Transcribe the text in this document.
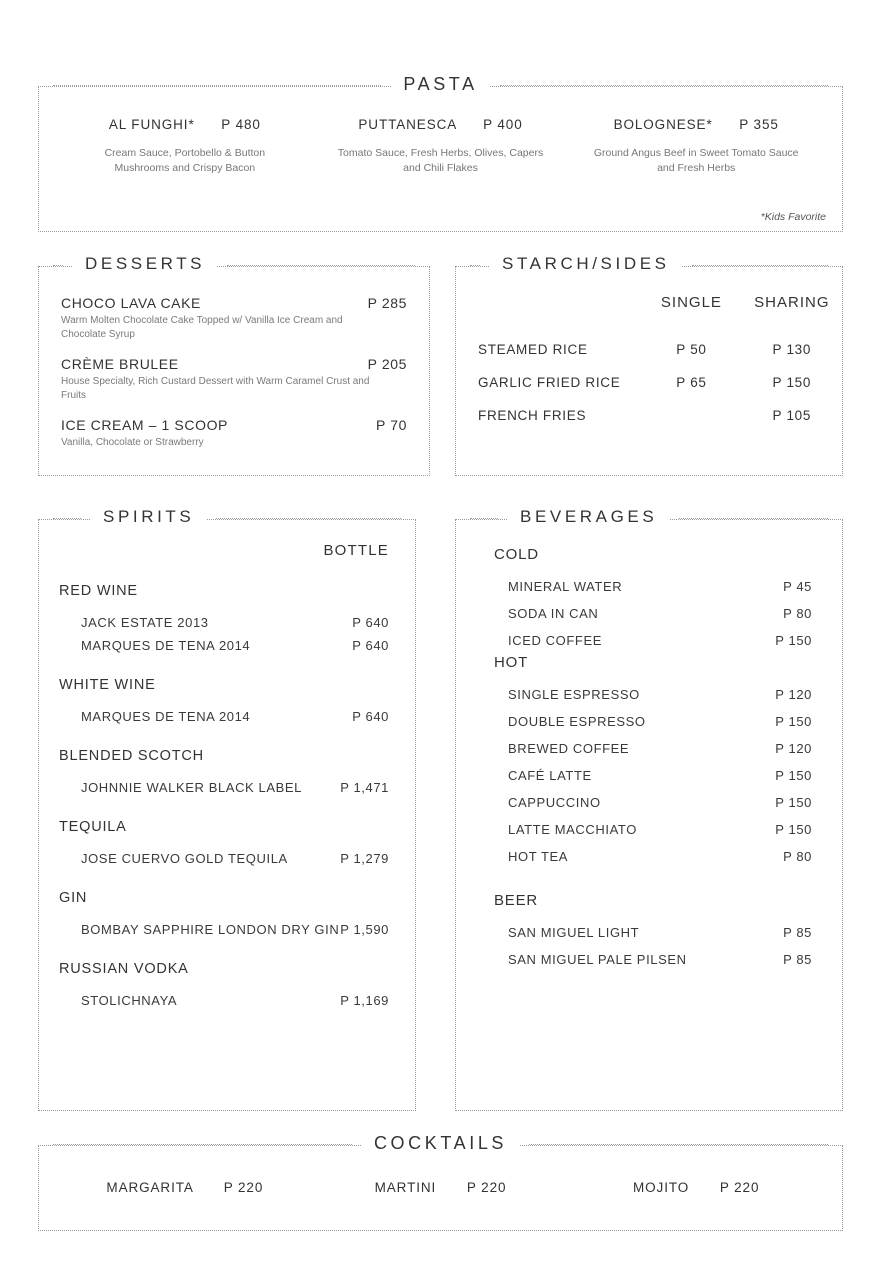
PASTA
AL FUNGHI* P 480
Cream Sauce, Portobello & Button Mushrooms and Crispy Bacon
PUTTANESCA P 400
Tomato Sauce, Fresh Herbs, Olives, Capers and Chili Flakes
BOLOGNESE* P 355
Ground Angus Beef in Sweet Tomato Sauce and Fresh Herbs
*Kids Favorite
DESSERTS
CHOCO LAVA CAKE	P 285
Warm Molten Chocolate Cake Topped w/ Vanilla Ice Cream and Chocolate Syrup
CRÈME BRULEE	P 205
House Specialty, Rich Custard Dessert with Warm Caramel Crust and Fruits
ICE CREAM – 1 SCOOP	P 70
Vanilla, Chocolate or Strawberry
STARCH/SIDES
	SINGLE	SHARING
STEAMED RICE	P 50	P 130
GARLIC FRIED RICE	P 65	P 150
FRENCH FRIES		P 105
SPIRITS
BOTTLE
RED WINE
JACK ESTATE 2013	P 640
MARQUES DE TENA 2014	P 640
WHITE WINE
MARQUES DE TENA 2014	P 640
BLENDED SCOTCH
JOHNNIE WALKER BLACK LABEL	P 1,471
TEQUILA
JOSE CUERVO GOLD TEQUILA	P 1,279
GIN
BOMBAY SAPPHIRE LONDON DRY GIN P 1,590
RUSSIAN VODKA
STOLICHNAYA	P 1,169
BEVERAGES
COLD
MINERAL WATER	P 45
SODA IN CAN	P 80
ICED COFFEE	P 150
HOT
SINGLE ESPRESSO	P 120
DOUBLE ESPRESSO	P 150
BREWED COFFEE	P 120
CAFÉ LATTE	P 150
CAPPUCCINO	P 150
LATTE MACCHIATO	P 150
HOT TEA	P 80
BEER
SAN MIGUEL LIGHT	P 85
SAN MIGUEL PALE PILSEN	P 85
COCKTAILS
MARGARITA P 220	MARTINI P 220	MOJITO P 220
